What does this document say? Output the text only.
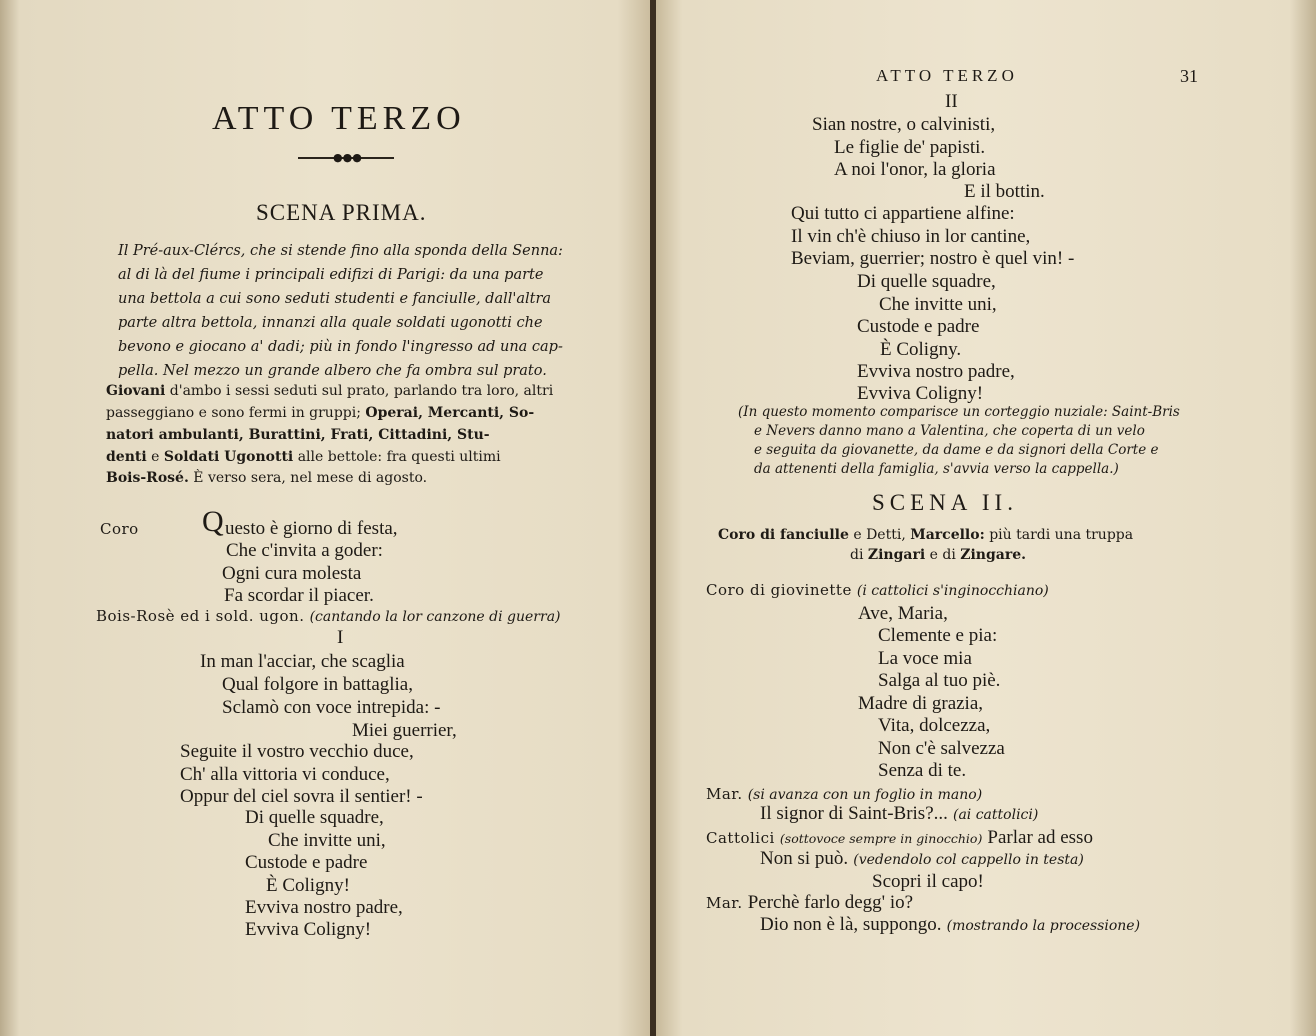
ATTO TERZO
●●●
SCENA PRIMA.
Il Pré-aux-Clércs, che si stende fino alla sponda della Senna:
al di là del fiume i principali edifizi di Parigi: da una parte
una bettola a cui sono seduti studenti e fanciulle, dall'altra
parte altra bettola, innanzi alla quale soldati ugonotti che
bevono e giocano a' dadi; più in fondo l'ingresso ad una cap-
pella. Nel mezzo un grande albero che fa ombra sul prato.
Giovani d'ambo i sessi seduti sul prato, parlando tra loro, altri
passeggiano e sono fermi in gruppi; Operai, Mercanti, So-
natori ambulanti, Burattini, Frati, Cittadini, Stu-
denti e Soldati Ugonotti alle bettole: fra questi ultimi
Bois-Rosé. È verso sera, nel mese di agosto.
Coro Q uesto è giorno di festa,
Che c'invita a goder:
Ogni cura molesta
Fa scordar il piacer.
Bois-Rosè ed i sold. ugon. (cantando la lor canzone di guerra)
I
In man l'acciar, che scaglia
Qual folgore in battaglia,
Sclamò con voce intrepida: -
Miei guerrier,
Seguite il vostro vecchio duce,
Ch' alla vittoria vi conduce,
Oppur del ciel sovra il sentier! -
Di quelle squadre,
Che invitte uni,
Custode e padre
È Coligny!
Evviva nostro padre,
Evviva Coligny!
ATTO TERZO	31
II
Sian nostre, o calvinisti,
Le figlie de' papisti.
A noi l'onor, la gloria
E il bottin.
Qui tutto ci appartiene alfine:
Il vin ch'è chiuso in lor cantine,
Beviam, guerrier; nostro è quel vin! -
Di quelle squadre,
Che invitte uni,
Custode e padre
È Coligny.
Evviva nostro padre,
Evviva Coligny!
(In questo momento comparisce un corteggio nuziale: Saint-Bris
e Nevers danno mano a Valentina, che coperta di un velo
e seguita da giovanette, da dame e da signori della Corte e
da attenenti della famiglia, s'avvia verso la cappella.)
SCENA II.
Coro di fanciulle e Detti, Marcello: più tardi una truppa
di Zingari e di Zingare.
Coro di giovinette (i cattolici s'inginocchiano)
Ave, Maria,
Clemente e pia:
La voce mia
Salga al tuo piè.
Madre di grazia,
Vita, dolcezza,
Non c'è salvezza
Senza di te.
Mar. (si avanza con un foglio in mano)
Il signor di Saint-Bris?... (ai cattolici)
Cattolici (sottovoce sempre in ginocchio) Parlar ad esso
Non si può. (vedendolo col cappello in testa)
Scopri il capo!
Mar. Perchè farlo degg' io?
Dio non è là, suppongo. (mostrando la processione)
